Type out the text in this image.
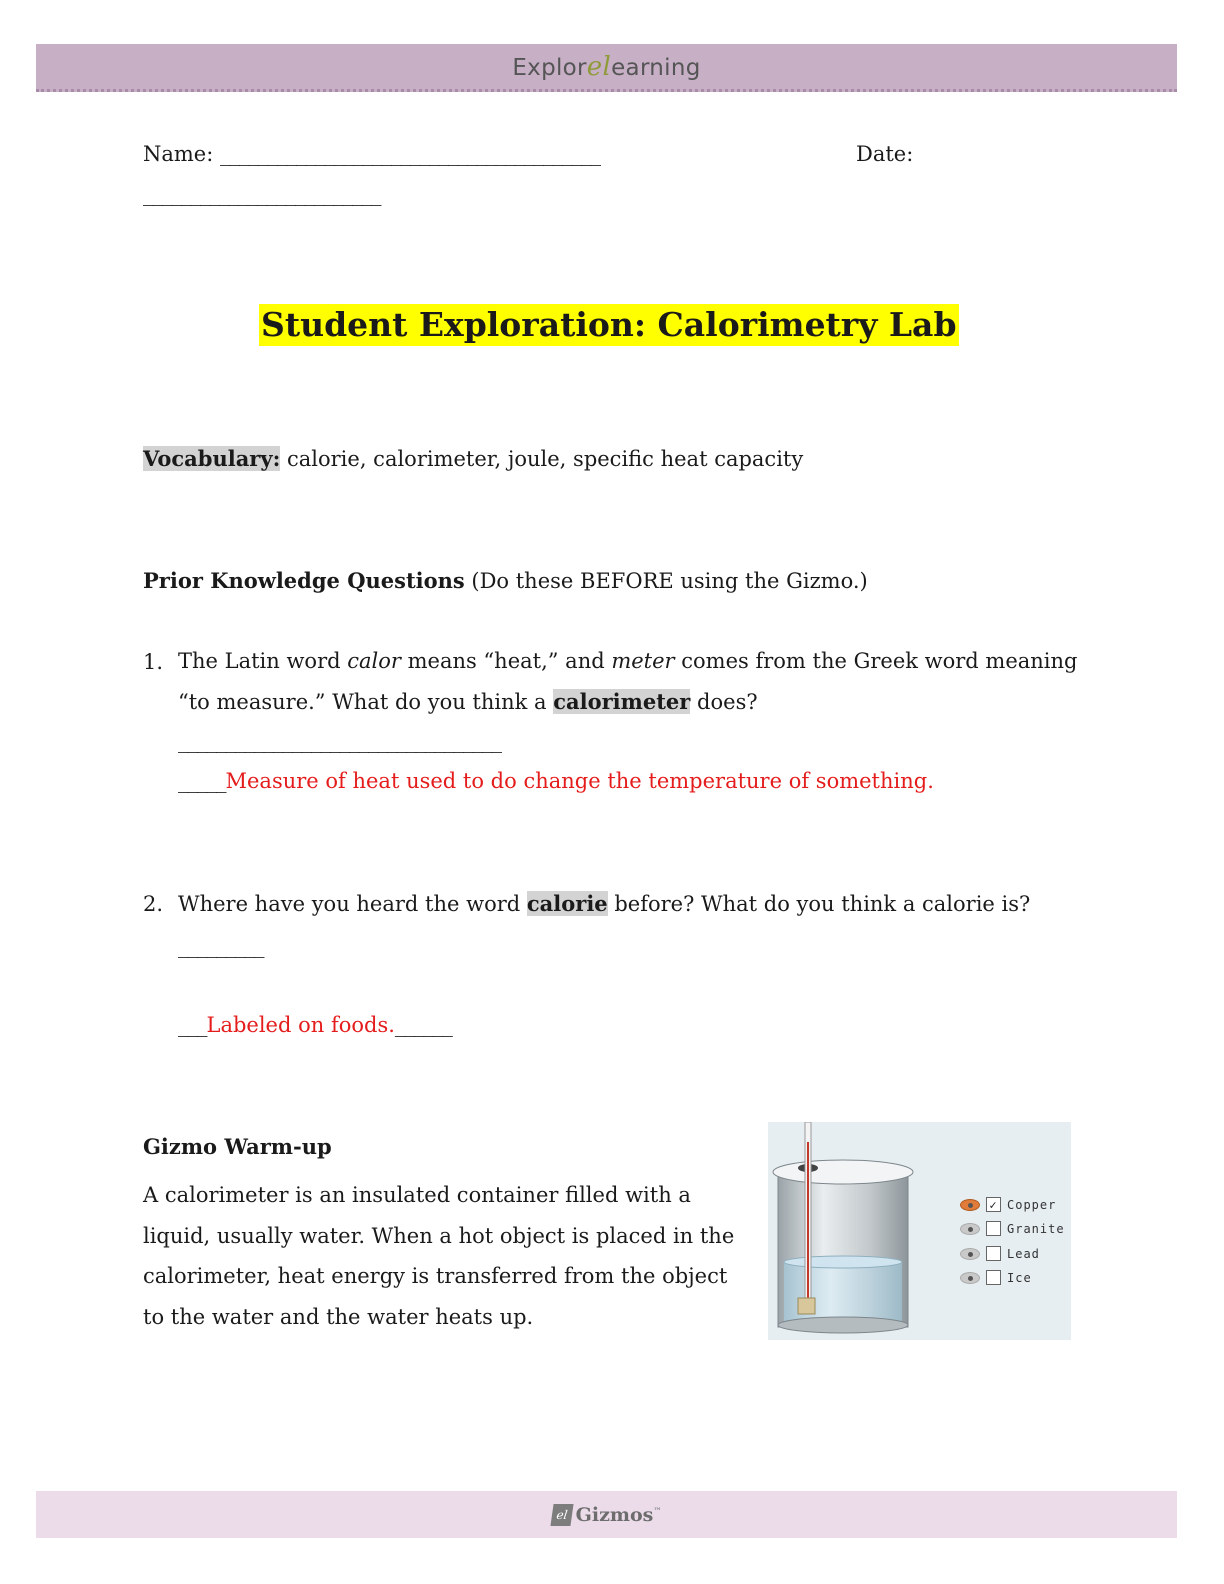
Explorelearning
Name: ________________________________________	Date:
_________________________
Student Exploration: Calorimetry Lab
Vocabulary: calorie, calorimeter, joule, specific heat capacity
Prior Knowledge Questions (Do these BEFORE using the Gizmo.)
1. The Latin word calor means “heat,” and meter comes from the Greek word meaning
“to measure.” What do you think a calorimeter does?
__________________________________
_____Measure of heat used to do change the temperature of something.
2. Where have you heard the word calorie before? What do you think a calorie is?
_________
___Labeled on foods.______
Gizmo Warm-up
A calorimeter is an insulated container filled with a liquid, usually water. When a hot object is placed in the calorimeter, heat energy is transferred from the object to the water and the water heats up.
✓ Copper
Granite
Lead
Ice
el Gizmos™
